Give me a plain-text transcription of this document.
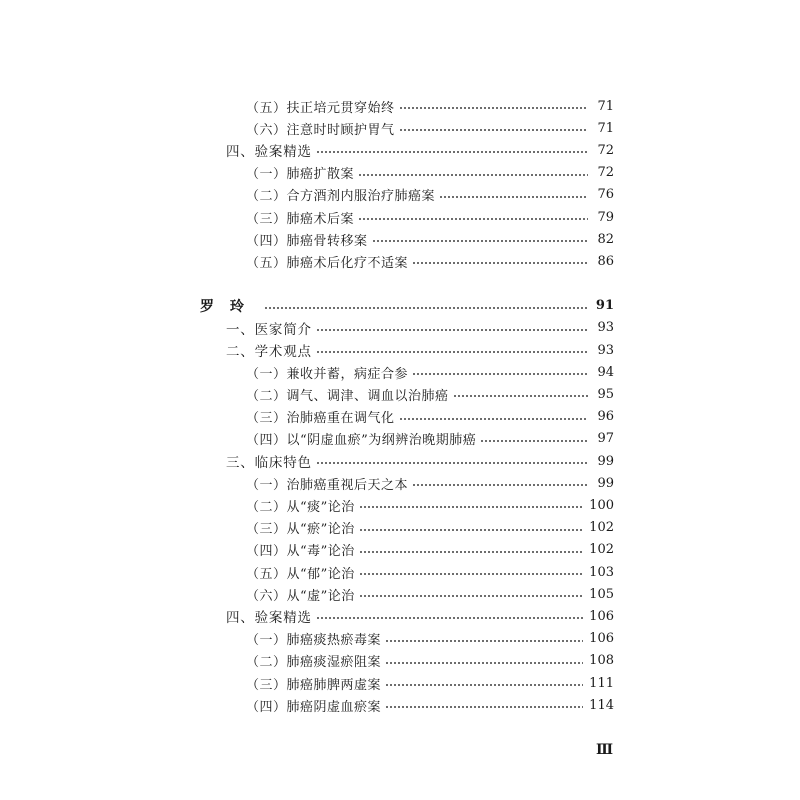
（五）扶正培元贯穿始终	71
（六）注意时时顾护胃气	71
四、验案精选	72
（一）肺癌扩散案	72
（二）合方酒剂内服治疗肺癌案	76
（三）肺癌术后案	79
（四）肺癌骨转移案	82
（五）肺癌术后化疗不适案	86
罗玲	91
一、医家简介	93
二、学术观点	93
（一）兼收并蓄，病症合参	94
（二）调气、调津、调血以治肺癌	95
（三）治肺癌重在调气化	96
（四）以“阴虚血瘀”为纲辨治晚期肺癌	97
三、临床特色	99
（一）治肺癌重视后天之本	99
（二）从“痰”论治	100
（三）从“瘀”论治	102
（四）从“毒”论治	102
（五）从“郁”论治	103
（六）从“虚”论治	105
四、验案精选	106
（一）肺癌痰热瘀毒案	106
（二）肺癌痰湿瘀阻案	108
（三）肺癌肺脾两虚案	111
（四）肺癌阴虚血瘀案	114
Ⅲ
